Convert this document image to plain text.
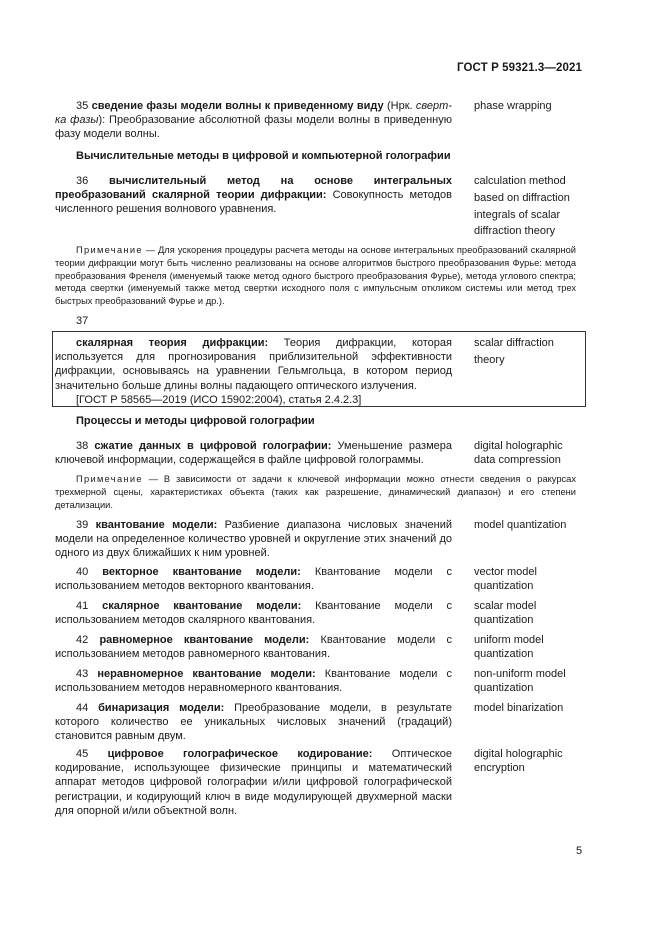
ГОСТ Р 59321.3—2021
35 сведение фазы модели волны к приведенному виду (Нрк. сверт-ка фазы): Преобразование абсолютной фазы модели волны в приведенную фазу модели волны.
phase wrapping
Вычислительные методы в цифровой и компьютерной голографии
36 вычислительный метод на основе интегральных преобразований скалярной теории дифракции: Совокупность методов численного решения волнового уравнения.
calculation method
based on diffraction
integrals of scalar
diffraction theory
Примечание — Для ускорения процедуры расчета методы на основе интегральных преобразований скалярной теории дифракции могут быть численно реализованы на основе алгоритмов быстрого преобразования Фурье: метода преобразования Френеля (именуемый также метод одного быстрого преобразования Фурье), метода углового спектра; метода свертки (именуемый также метод свертки исходного поля с импульсным откликом системы или метод трех быстрых преобразований Фурье и др.).
37
скалярная теория дифракции: Теория дифракции, которая используется для прогнозирования приблизительной эффективности дифракции, основываясь на уравнении Гельмгольца, в котором период значительно больше длины волны падающего оптического излучения.
[ГОСТ Р 58565—2019 (ИСО 15902:2004), статья 2.4.2.3]
scalar diffraction
theory
Процессы и методы цифровой голографии
38 сжатие данных в цифровой голографии: Уменьшение размера ключевой информации, содержащейся в файле цифровой голограммы.
digital holographic
data compression
Примечание — В зависимости от задачи к ключевой информации можно отнести сведения о ракурсах трехмерной сцены, характеристиках объекта (таких как разрешение, динамический диапазон) и его степени детализации.
39 квантование модели: Разбиение диапазона числовых значений модели на определенное количество уровней и округление этих значений до одного из двух ближайших к ним уровней.
model quantization
40 векторное квантование модели: Квантование модели с использованием методов векторного квантования.
vector model
quantization
41 скалярное квантование модели: Квантование модели с использованием методов скалярного квантования.
scalar model
quantization
42 равномерное квантование модели: Квантование модели с использованием методов равномерного квантования.
uniform model
quantization
43 неравномерное квантование модели: Квантование модели с использованием методов неравномерного квантования.
non-uniform model
quantization
44 бинаризация модели: Преобразование модели, в результате которого количество ее уникальных числовых значений (градаций) становится равным двум.
model binarization
45 цифровое голографическое кодирование: Оптическое кодирование, использующее физические принципы и математический аппарат методов цифровой голографии и/или цифровой голографической регистрации, и кодирующий ключ в виде модулирующей двухмерной маски для опорной и/или объектной волн.
digital holographic
encryption
5
